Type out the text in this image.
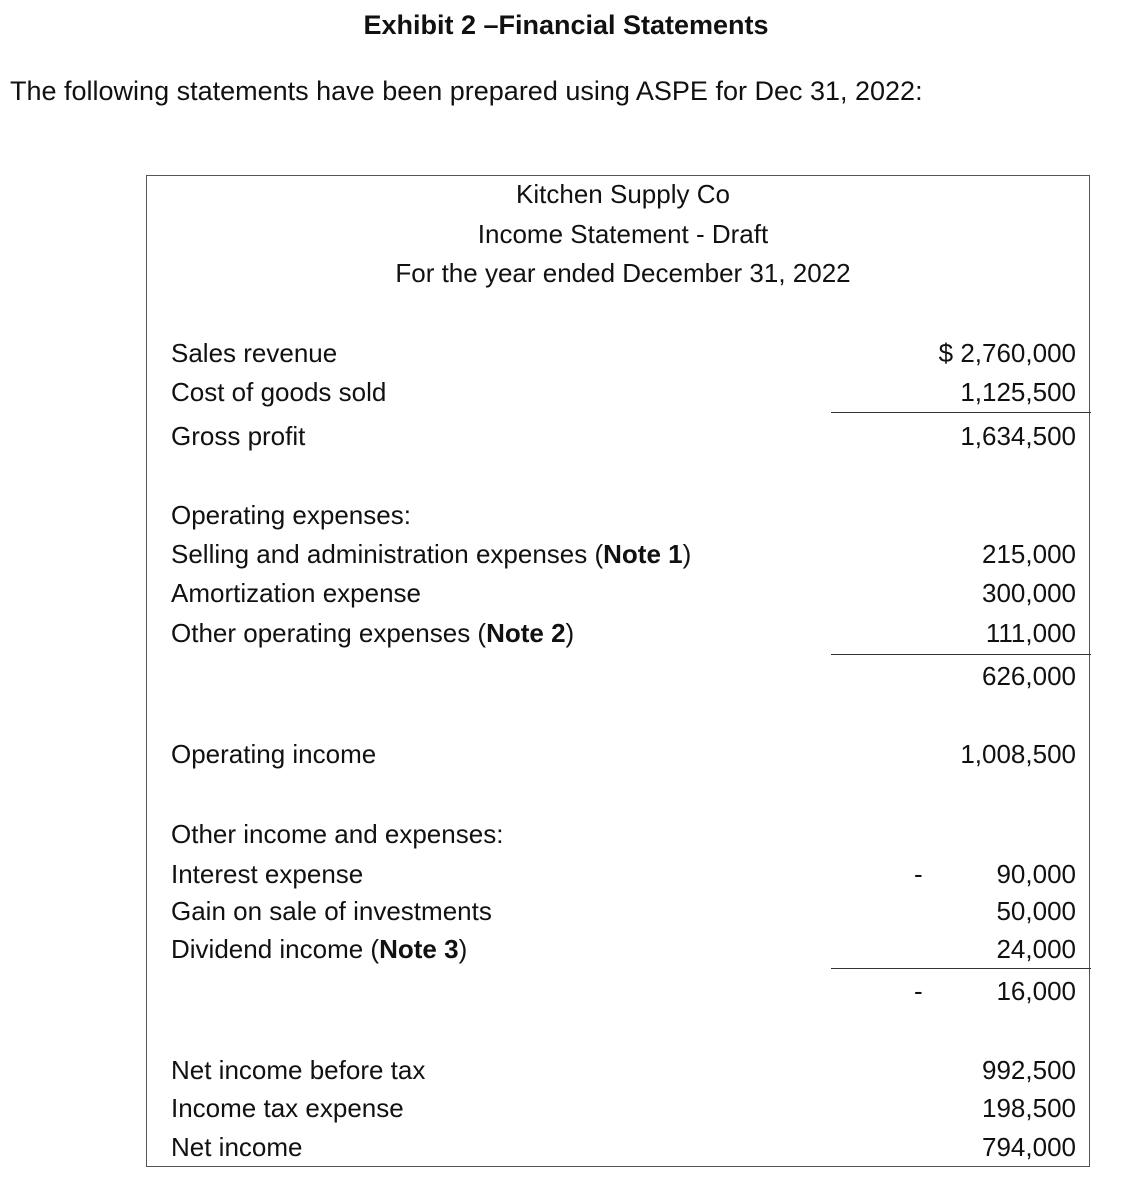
Exhibit 2 –Financial Statements
The following statements have been prepared using ASPE for Dec 31, 2022:
Kitchen Supply Co
Income Statement - Draft
For the year ended December 31, 2022
Sales revenue	$ 2,760,000
Cost of goods sold	1,125,500
Gross profit	1,634,500
Operating expenses:
Selling and administration expenses (Note 1)	215,000
Amortization expense	300,000
Other operating expenses (Note 2)	111,000
626,000
Operating income	1,008,500
Other income and expenses:
Interest expense	-	90,000
Gain on sale of investments	50,000
Dividend income (Note 3)	24,000
-	16,000
Net income before tax	992,500
Income tax expense	198,500
Net income	794,000
